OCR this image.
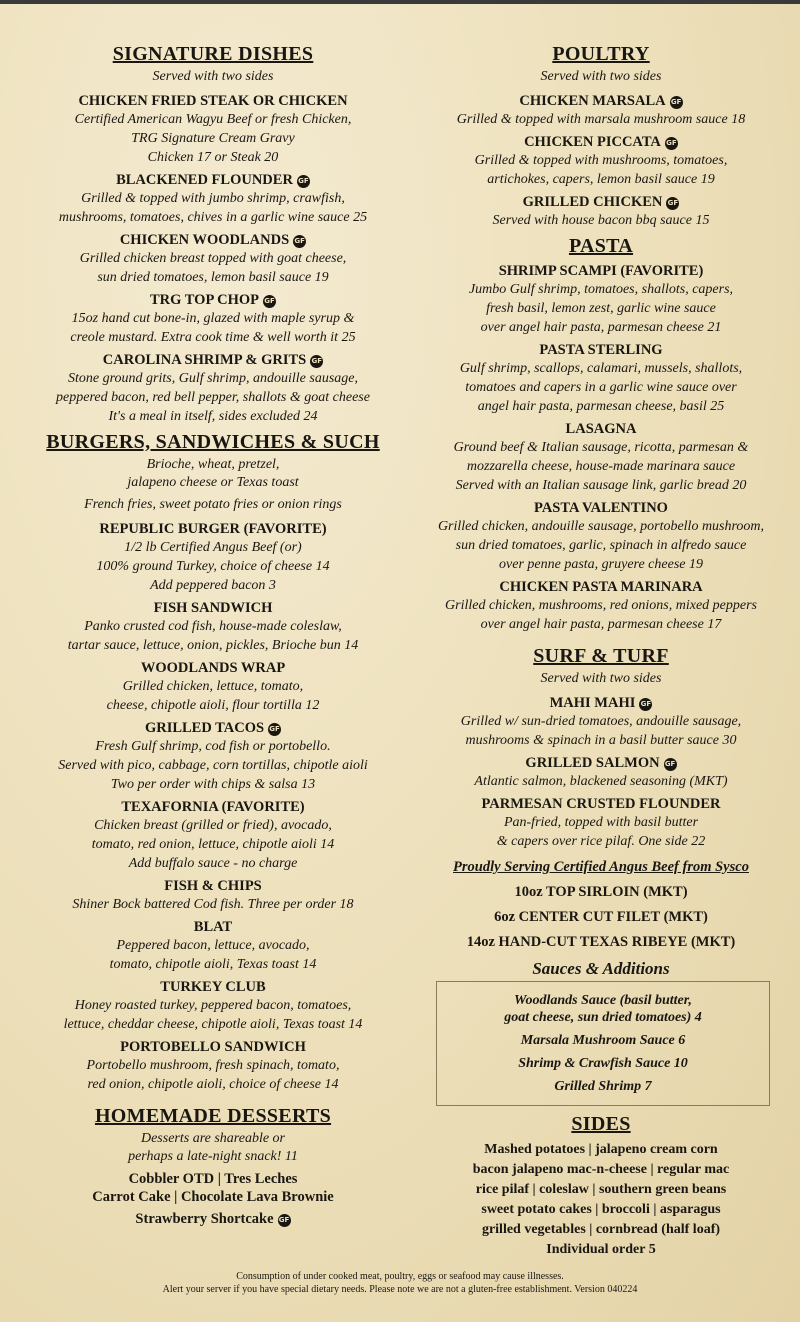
SIGNATURE DISHES
Served with two sides
CHICKEN FRIED STEAK OR CHICKEN
Certified American Wagyu Beef or fresh Chicken,
TRG Signature Cream Gravy
Chicken 17 or Steak 20
BLACKENED FLOUNDER GF
Grilled & topped with jumbo shrimp, crawfish,
mushrooms, tomatoes, chives in a garlic wine sauce 25
CHICKEN WOODLANDS GF
Grilled chicken breast topped with goat cheese,
sun dried tomatoes, lemon basil sauce 19
TRG TOP CHOP GF
15oz hand cut bone-in, glazed with maple syrup &
creole mustard. Extra cook time & well worth it 25
CAROLINA SHRIMP & GRITS GF
Stone ground grits, Gulf shrimp, andouille sausage,
peppered bacon, red bell pepper, shallots & goat cheese
It's a meal in itself, sides excluded 24
BURGERS, SANDWICHES & SUCH
Brioche, wheat, pretzel,
jalapeno cheese or Texas toast
French fries, sweet potato fries or onion rings
REPUBLIC BURGER (FAVORITE)
1/2 lb Certified Angus Beef (or)
100% ground Turkey, choice of cheese 14
Add peppered bacon 3
FISH SANDWICH
Panko crusted cod fish, house-made coleslaw,
tartar sauce, lettuce, onion, pickles, Brioche bun 14
WOODLANDS WRAP
Grilled chicken, lettuce, tomato,
cheese, chipotle aioli, flour tortilla 12
GRILLED TACOS GF
Fresh Gulf shrimp, cod fish or portobello.
Served with pico, cabbage, corn tortillas, chipotle aioli
Two per order with chips & salsa 13
TEXAFORNIA (FAVORITE)
Chicken breast (grilled or fried), avocado,
tomato, red onion, lettuce, chipotle aioli 14
Add buffalo sauce - no charge
FISH & CHIPS
Shiner Bock battered Cod fish. Three per order 18
BLAT
Peppered bacon, lettuce, avocado,
tomato, chipotle aioli, Texas toast 14
TURKEY CLUB
Honey roasted turkey, peppered bacon, tomatoes,
lettuce, cheddar cheese, chipotle aioli, Texas toast 14
PORTOBELLO SANDWICH
Portobello mushroom, fresh spinach, tomato,
red onion, chipotle aioli, choice of cheese 14
HOMEMADE DESSERTS
Desserts are shareable or
perhaps a late-night snack! 11
Cobbler OTD | Tres Leches
Carrot Cake | Chocolate Lava Brownie
Strawberry Shortcake GF
POULTRY
Served with two sides
CHICKEN MARSALA GF
Grilled & topped with marsala mushroom sauce 18
CHICKEN PICCATA GF
Grilled & topped with mushrooms, tomatoes,
artichokes, capers, lemon basil sauce 19
GRILLED CHICKEN GF
Served with house bacon bbq sauce 15
PASTA
SHRIMP SCAMPI (FAVORITE)
Jumbo Gulf shrimp, tomatoes, shallots, capers,
fresh basil, lemon zest, garlic wine sauce
over angel hair pasta, parmesan cheese 21
PASTA STERLING
Gulf shrimp, scallops, calamari, mussels, shallots,
tomatoes and capers in a garlic wine sauce over
angel hair pasta, parmesan cheese, basil 25
LASAGNA
Ground beef & Italian sausage, ricotta, parmesan &
mozzarella cheese, house-made marinara sauce
Served with an Italian sausage link, garlic bread 20
PASTA VALENTINO
Grilled chicken, andouille sausage, portobello mushroom,
sun dried tomatoes, garlic, spinach in alfredo sauce
over penne pasta, gruyere cheese 19
CHICKEN PASTA MARINARA
Grilled chicken, mushrooms, red onions, mixed peppers
over angel hair pasta, parmesan cheese 17
SURF & TURF
Served with two sides
MAHI MAHI GF
Grilled w/ sun-dried tomatoes, andouille sausage,
mushrooms & spinach in a basil butter sauce 30
GRILLED SALMON GF
Atlantic salmon, blackened seasoning (MKT)
PARMESAN CRUSTED FLOUNDER
Pan-fried, topped with basil butter
& capers over rice pilaf. One side 22
Proudly Serving Certified Angus Beef from Sysco
10oz TOP SIRLOIN (MKT)
6oz CENTER CUT FILET (MKT)
14oz HAND-CUT TEXAS RIBEYE (MKT)
Sauces & Additions
Woodlands Sauce (basil butter,
goat cheese, sun dried tomatoes) 4
Marsala Mushroom Sauce 6
Shrimp & Crawfish Sauce 10
Grilled Shrimp 7
SIDES
Mashed potatoes | jalapeno cream corn
bacon jalapeno mac-n-cheese | regular mac
rice pilaf | coleslaw | southern green beans
sweet potato cakes | broccoli | asparagus
grilled vegetables | cornbread (half loaf)
Individual order 5
Consumption of under cooked meat, poultry, eggs or seafood may cause illnesses.
Alert your server if you have special dietary needs. Please note we are not a gluten-free establishment. Version 040224
